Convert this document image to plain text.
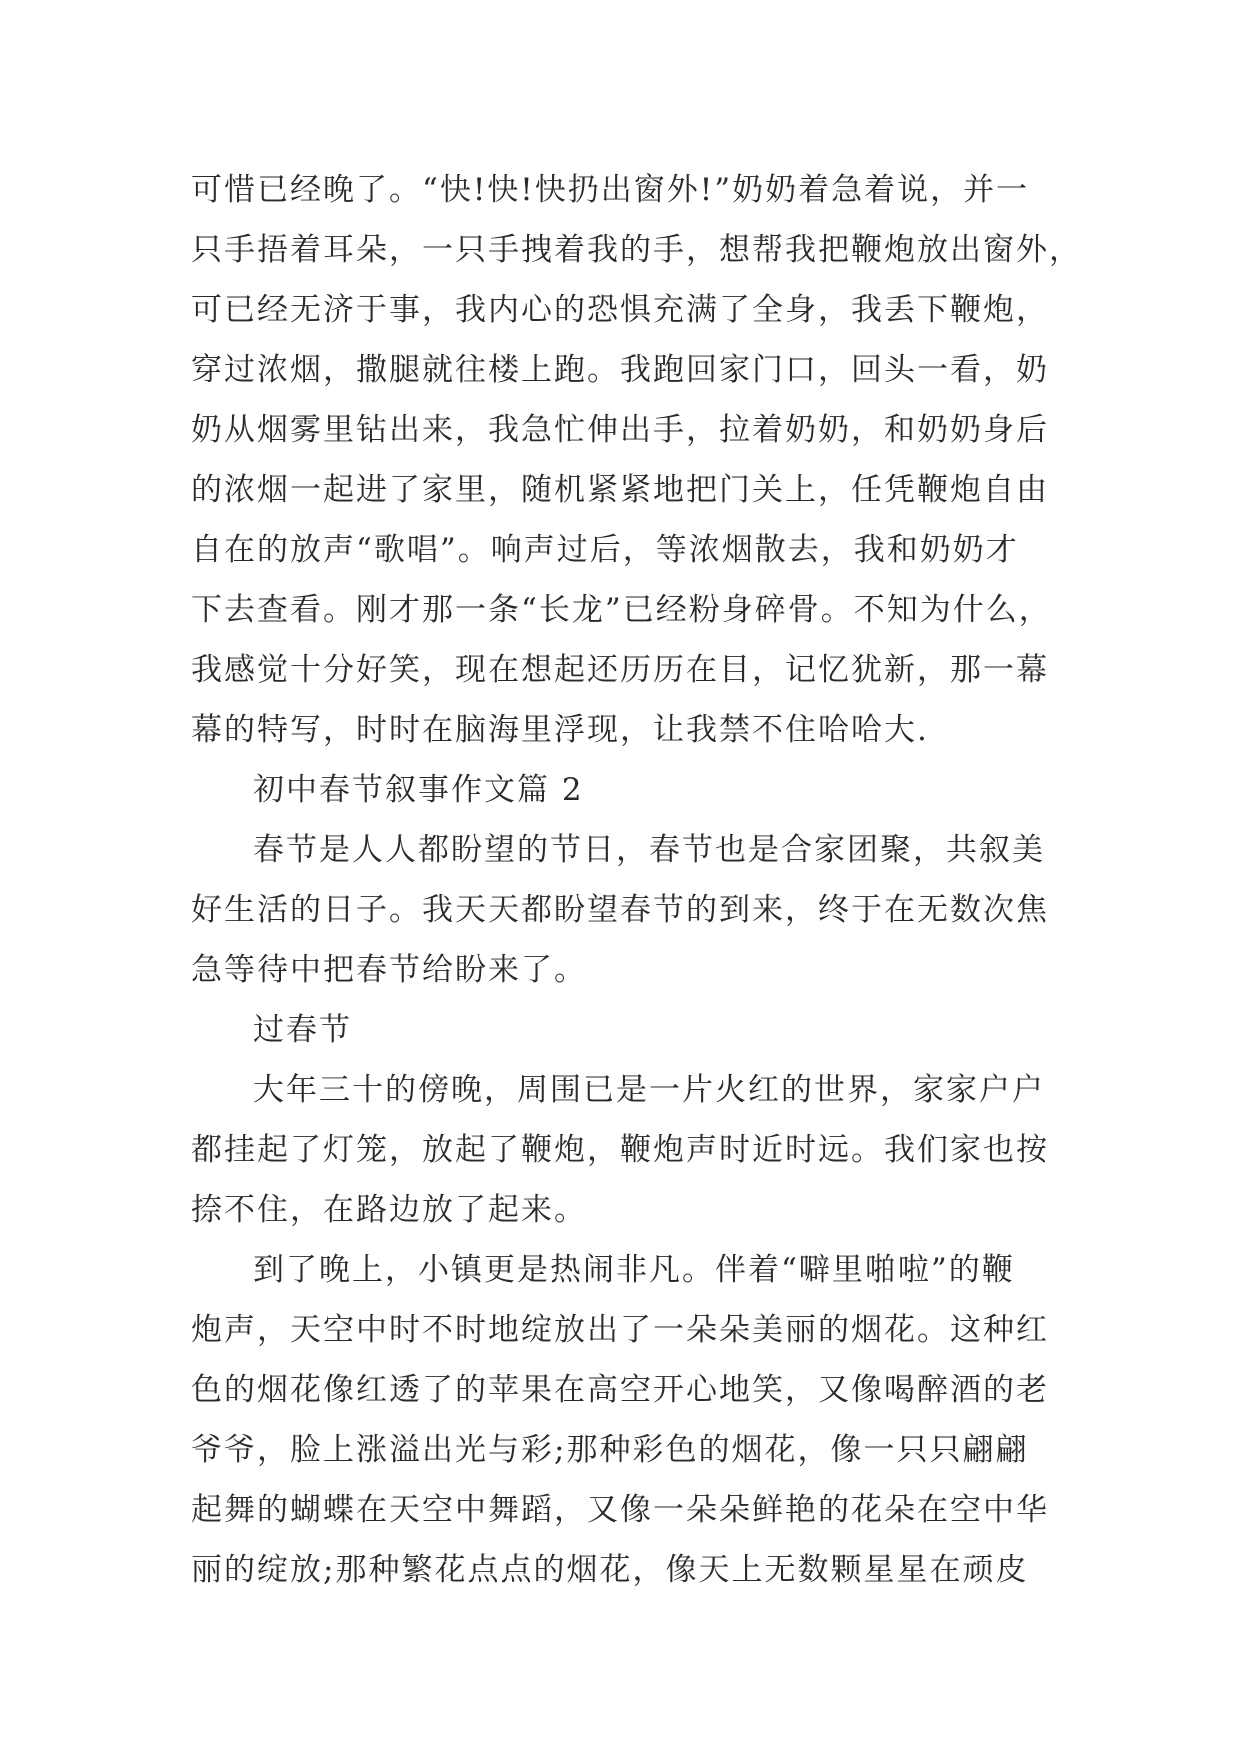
可惜已经晚了。“快!快!快扔出窗外!”奶奶着急着说，并一
只手捂着耳朵，一只手拽着我的手，想帮我把鞭炮放出窗外，
可已经无济于事，我内心的恐惧充满了全身，我丢下鞭炮，
穿过浓烟，撒腿就往楼上跑。我跑回家门口，回头一看，奶
奶从烟雾里钻出来，我急忙伸出手，拉着奶奶，和奶奶身后
的浓烟一起进了家里，随机紧紧地把门关上，任凭鞭炮自由
自在的放声“歌唱”。响声过后，等浓烟散去，我和奶奶才
下去查看。刚才那一条“长龙”已经粉身碎骨。不知为什么，
我感觉十分好笑，现在想起还历历在目，记忆犹新，那一幕
幕的特写，时时在脑海里浮现，让我禁不住哈哈大.
初中春节叙事作文篇 2
春节是人人都盼望的节日，春节也是合家团聚，共叙美
好生活的日子。我天天都盼望春节的到来，终于在无数次焦
急等待中把春节给盼来了。
过春节
大年三十的傍晚，周围已是一片火红的世界，家家户户
都挂起了灯笼，放起了鞭炮，鞭炮声时近时远。我们家也按
捺不住，在路边放了起来。
到了晚上，小镇更是热闹非凡。伴着“噼里啪啦”的鞭
炮声，天空中时不时地绽放出了一朵朵美丽的烟花。这种红
色的烟花像红透了的苹果在高空开心地笑，又像喝醉酒的老
爷爷，脸上涨溢出光与彩;那种彩色的烟花，像一只只翩翩
起舞的蝴蝶在天空中舞蹈，又像一朵朵鲜艳的花朵在空中华
丽的绽放;那种繁花点点的烟花，像天上无数颗星星在顽皮
